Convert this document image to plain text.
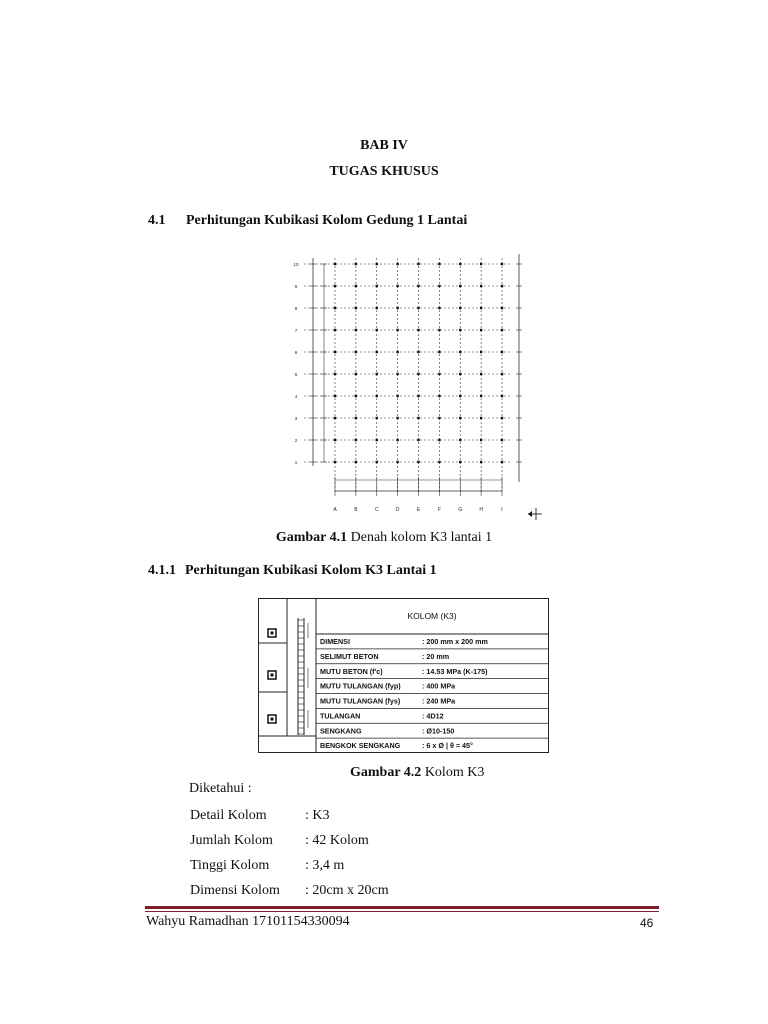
BAB IV
TUGAS KHUSUS
4.1 Perhitungan Kubikasi Kolom Gedung 1 Lantai
10
9
8
7
6
5
4
3
2
1
A	B	C	D	E	F	G	H	I
Gambar 4.1 Denah kolom K3 lantai 1
4.1.1 Perhitungan Kubikasi Kolom K3 Lantai 1
KOLOM (K3)
DIMENSI	: 200 mm x 200 mm
SELIMUT BETON	: 20 mm
MUTU BETON (f'c)	: 14.53 MPa (K-175)
MUTU TULANGAN (fyp)	: 400 MPa
MUTU TULANGAN (fys)	: 240 MPa
TULANGAN	: 4D12
SENGKANG	: Ø10-150
BENGKOK SENGKANG	: 6 x Ø | θ = 45°
Gambar 4.2 Kolom K3
Diketahui :
Detail Kolom	: K3
Jumlah Kolom : 42 Kolom
Tinggi Kolom	: 3,4 m
Dimensi Kolom : 20cm x 20cm
Wahyu Ramadhan 17101154330094	46
